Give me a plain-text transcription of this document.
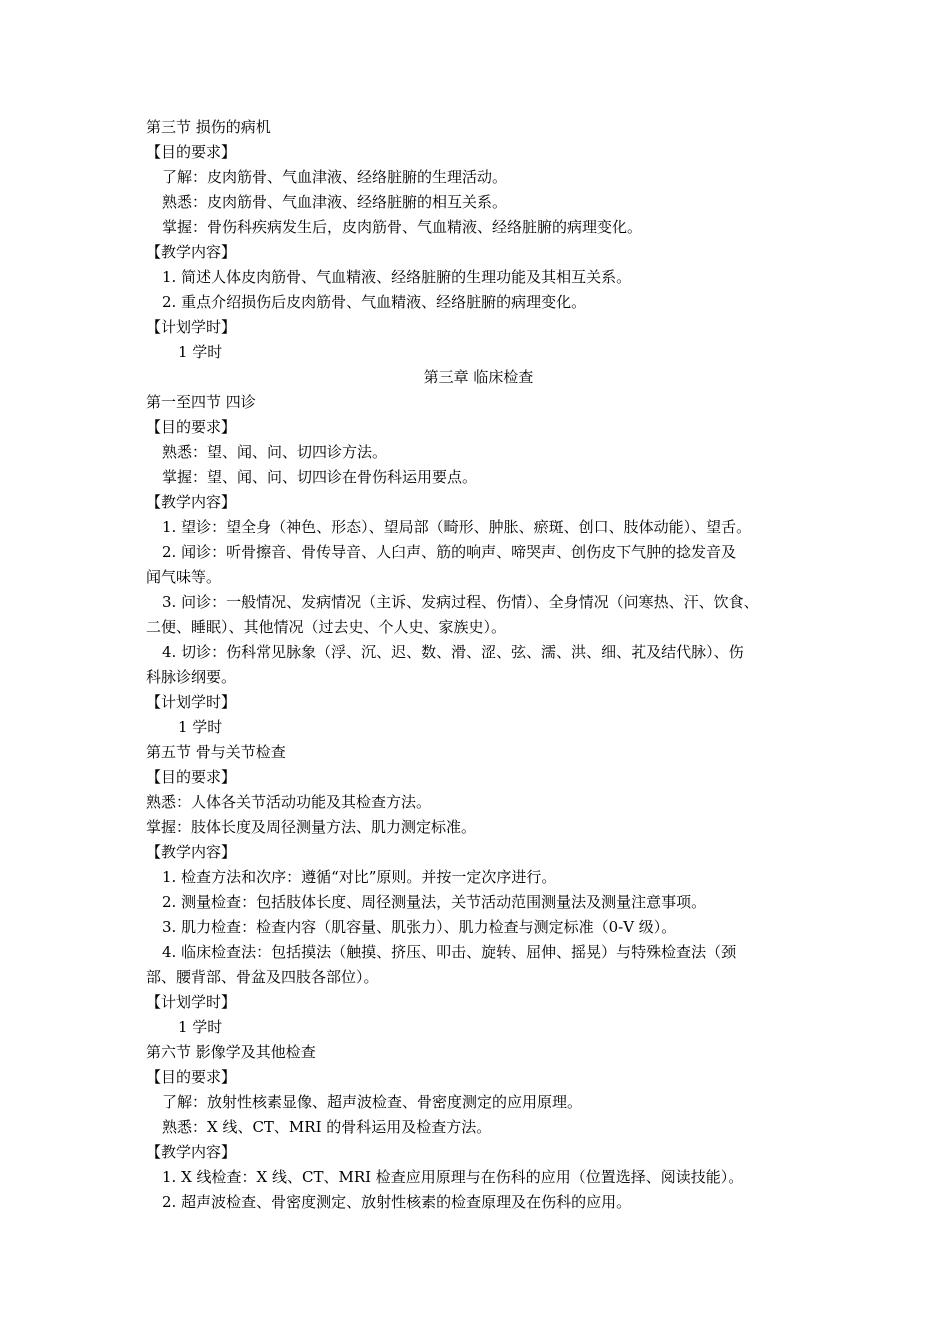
第三节 损伤的病机
【目的要求】
了解：皮肉筋骨、气血津液、经络脏腑的生理活动。
熟悉：皮肉筋骨、气血津液、经络脏腑的相互关系。
掌握：骨伤科疾病发生后，皮肉筋骨、气血精液、经络脏腑的病理变化。
【教学内容】
1. 简述人体皮肉筋骨、气血精液、经络脏腑的生理功能及其相互关系。
2. 重点介绍损伤后皮肉筋骨、气血精液、经络脏腑的病理变化。
【计划学时】
1 学时
第三章 临床检查
第一至四节 四诊
【目的要求】
熟悉：望、闻、问、切四诊方法。
掌握：望、闻、问、切四诊在骨伤科运用要点。
【教学内容】
1. 望诊：望全身（神色、形态）、望局部（畸形、肿胀、瘀斑、创口、肢体动能）、望舌。
2. 闻诊：听骨擦音、骨传导音、人臼声、筋的响声、啼哭声、创伤皮下气肿的捻发音及
闻气味等。
3. 问诊：一般情况、发病情况（主诉、发病过程、伤情）、全身情况（问寒热、汗、饮食、
二便、睡眠）、其他情况（过去史、个人史、家族史）。
4. 切诊：伤科常见脉象（浮、沉、迟、数、滑、涩、弦、濡、洪、细、芤及结代脉）、伤
科脉诊纲要。
【计划学时】
1 学时
第五节 骨与关节检查
【目的要求】
熟悉：人体各关节活动功能及其检查方法。
掌握：肢体长度及周径测量方法、肌力测定标准。
【教学内容】
1. 检查方法和次序：遵循“对比”原则。并按一定次序进行。
2. 测量检查：包括肢体长度、周径测量法，关节活动范围测量法及测量注意事项。
3. 肌力检查：检查内容（肌容量、肌张力）、肌力检查与测定标准（0-V 级）。
4. 临床检查法：包括摸法（触摸、挤压、叩击、旋转、屈伸、摇晃）与特殊检查法（颈
部、腰背部、骨盆及四肢各部位）。
【计划学时】
1 学时
第六节 影像学及其他检查
【目的要求】
了解：放射性核素显像、超声波检查、骨密度测定的应用原理。
熟悉：X 线、CT、MRI 的骨科运用及检查方法。
【教学内容】
1. X 线检查：X 线、CT、MRI 检查应用原理与在伤科的应用（位置选择、阅读技能）。
2. 超声波检查、骨密度测定、放射性核素的检查原理及在伤科的应用。
